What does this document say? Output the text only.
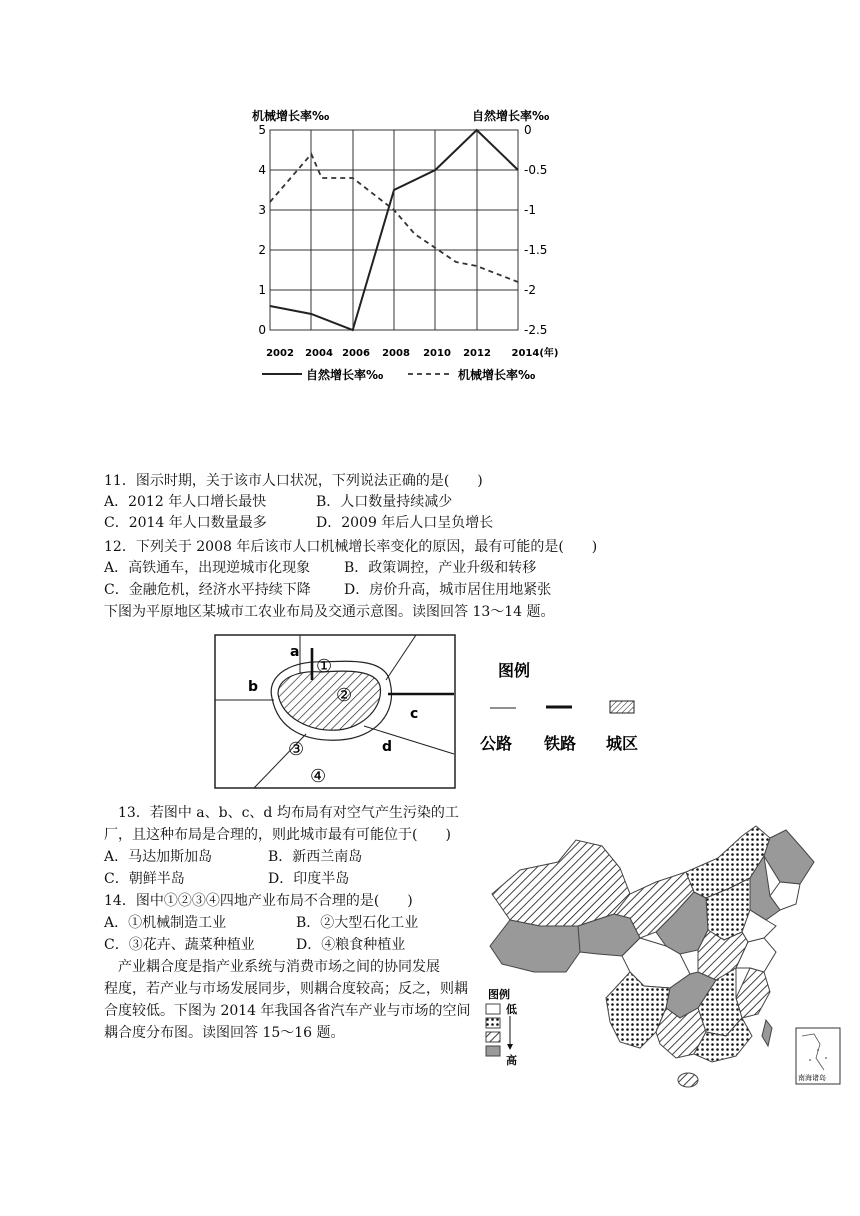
机械增长率‰	自然增长率‰
5
4
3
2
1
0
0
-0.5
-1
-1.5
-2
-2.5
2002 2004 2006 2008 2010 2012 2014(年)
自然增长率‰	机械增长率‰
11．图示时期，关于该市人口状况，下列说法正确的是(　　)
A．2012 年人口增长最快	B．人口数量持续减少
C．2014 年人口数量最多	D．2009 年后人口呈负增长
12．下列关于 2008 年后该市人口机械增长率变化的原因，最有可能的是(　　)
A．高铁通车，出现逆城市化现象 B．政策调控，产业升级和转移
C．金融危机，经济水平持续下降 D．房价升高，城市居住用地紧张
下图为平原地区某城市工农业布局及交通示意图。读图回答 13～14 题。
a
b
c
d
①
②
③
④
图例
公路 铁路 城区
13．若图中 a、b、c、d 均布局有对空气产生污染的工
厂，且这种布局是合理的，则此城市最有可能位于(　　)
A．马达加斯加岛	B．新西兰南岛
C．朝鲜半岛	D．印度半岛
14．图中①②③④四地产业布局不合理的是(　　)
A．①机械制造工业	B．②大型石化工业
C．③花卉、蔬菜种植业	D．④粮食种植业
产业耦合度是指产业系统与消费市场之间的协同发展
程度，若产业与市场发展同步，则耦合度较高；反之，则耦
合度较低。下图为 2014 年我国各省汽车产业与市场的空间
耦合度分布图。读图回答 15～16 题。
图例
低
高
南海诸岛
